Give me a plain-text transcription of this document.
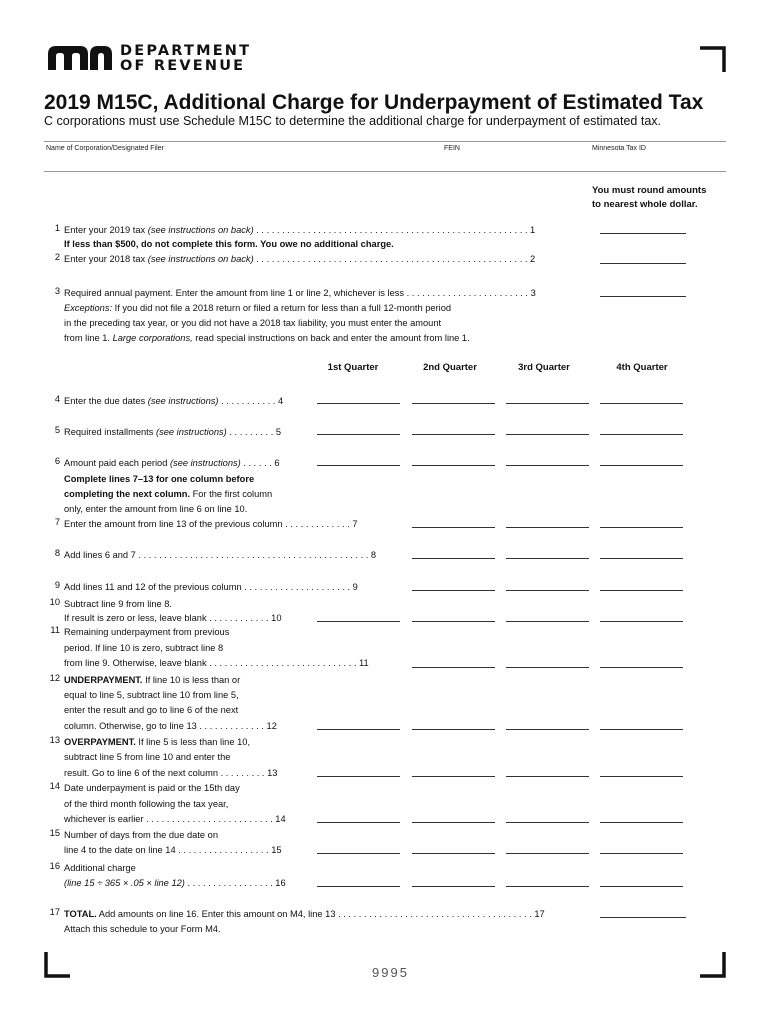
DEPARTMENT
OF REVENUE
2019 M15C, Additional Charge for Underpayment of Estimated Tax
C corporations must use Schedule M15C to determine the additional charge for underpayment of estimated tax.
Name of Corporation/Designated Filer	FEIN	Minnesota Tax ID
You must round amounts
to nearest whole dollar.
1 Enter your 2019 tax (see instructions on back) . . . . . . . . . . . . . . . . . . . . . . . . . . . . . . . . . . . . . . . . . . . . . . . . . . . . . 1
If less than $500, do not complete this form. You owe no additional charge.
2 Enter your 2018 tax (see instructions on back) . . . . . . . . . . . . . . . . . . . . . . . . . . . . . . . . . . . . . . . . . . . . . . . . . . . . . 2
3 Required annual payment. Enter the amount from line 1 or line 2, whichever is less . . . . . . . . . . . . . . . . . . . . . . . . 3
Exceptions: If you did not file a 2018 return or filed a return for less than a full 12-month period
in the preceding tax year, or you did not have a 2018 tax liability, you must enter the amount
from line 1. Large corporations, read special instructions on back and enter the amount from line 1.
1st Quarter	2nd Quarter	3rd Quarter	4th Quarter
4 Enter the due dates (see instructions) . . . . . . . . . . . 4
5 Required installments (see instructions) . . . . . . . . . 5
6 Amount paid each period (see instructions) . . . . . . 6
Complete lines 7–13 for one column before
completing the next column. For the first column
only, enter the amount from line 6 on line 10.
7 Enter the amount from line 13 of the previous column . . . . . . . . . . . . . 7
8 Add lines 6 and 7 . . . . . . . . . . . . . . . . . . . . . . . . . . . . . . . . . . . . . . . . . . . . . 8
9 Add lines 11 and 12 of the previous column . . . . . . . . . . . . . . . . . . . . . 9
10 Subtract line 9 from line 8.
If result is zero or less, leave blank . . . . . . . . . . . . 10
11 Remaining underpayment from previous
period. If line 10 is zero, subtract line 8
from line 9. Otherwise, leave blank . . . . . . . . . . . . . . . . . . . . . . . . . . . . . 11
12 UNDERPAYMENT. If line 10 is less than or
equal to line 5, subtract line 10 from line 5,
enter the result and go to line 6 of the next
column. Otherwise, go to line 13 . . . . . . . . . . . . . 12
13 OVERPAYMENT. If line 5 is less than line 10,
subtract line 5 from line 10 and enter the
result. Go to line 6 of the next column . . . . . . . . . 13
14 Date underpayment is paid or the 15th day
of the third month following the tax year,
whichever is earlier . . . . . . . . . . . . . . . . . . . . . . . . . 14
15 Number of days from the due date on
line 4 to the date on line 14 . . . . . . . . . . . . . . . . . . 15
16 Additional charge
(line 15 ÷ 365 × .05 × line 12) . . . . . . . . . . . . . . . . . 16
17 TOTAL. Add amounts on line 16. Enter this amount on M4, line 13 . . . . . . . . . . . . . . . . . . . . . . . . . . . . . . . . . . . . . . 17
Attach this schedule to your Form M4.
9995
